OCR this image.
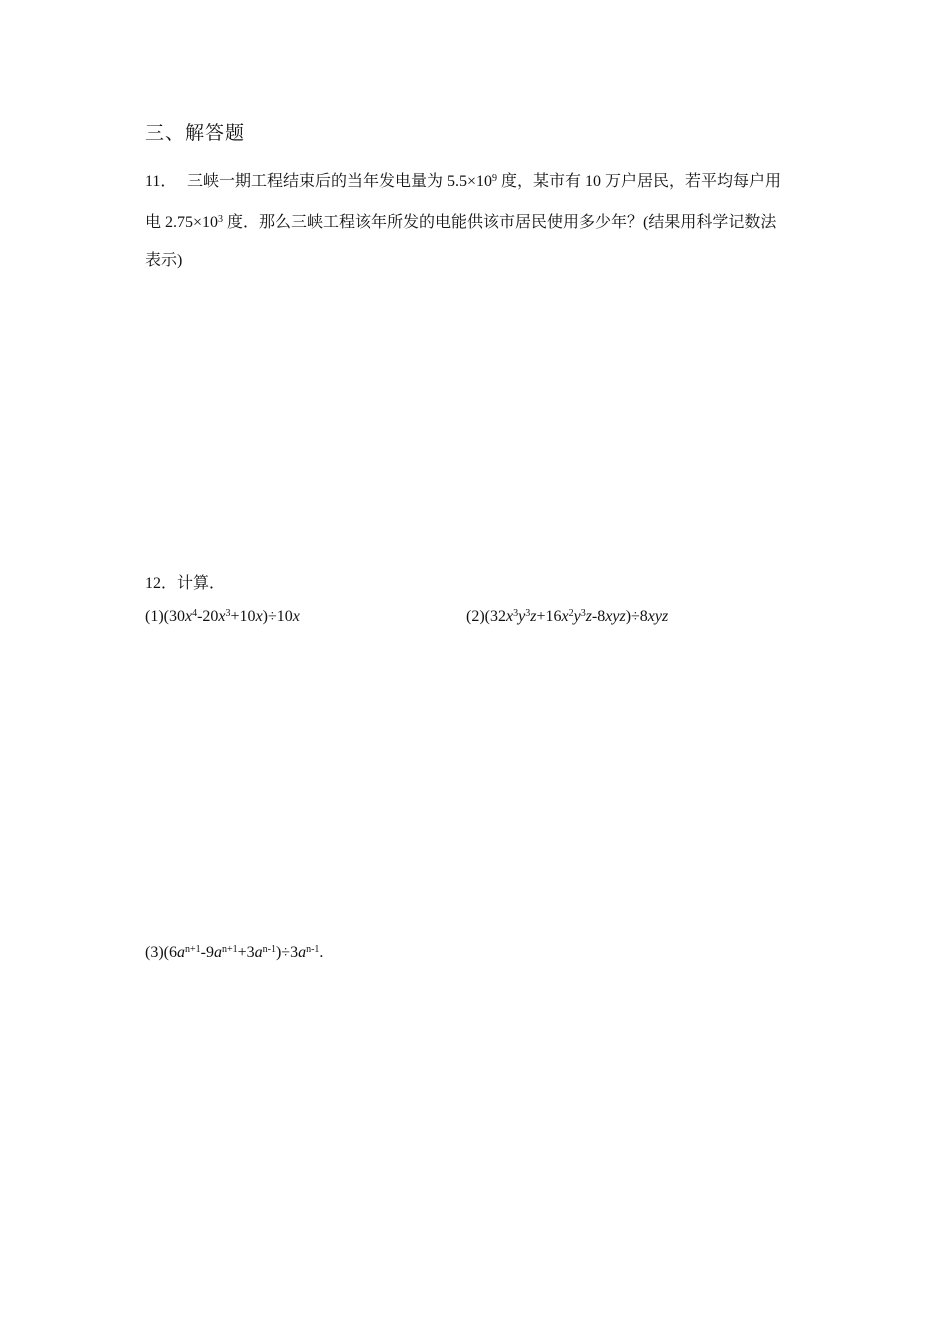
三、解答题
11． 三峡一期工程结束后的当年发电量为 $5.5\times 10^9$ 度，某市有 10 万户居民，若平均每户用
电 $2.75\times 10^3$ 度．那么三峡工程该年所发的电能供该市居民使用多少年？(结果用科学记数法
表示)
12．计算．
$(1)(30x^4-20x^3+10x)\div 10x$	$(2)(32x^3y^3z+16x^2y^3z-8xyz)\div 8xyz$
$(3)(6a^{n+1}-9a^{n+1}+3a^{n-1})\div 3a^{n-1}$.
